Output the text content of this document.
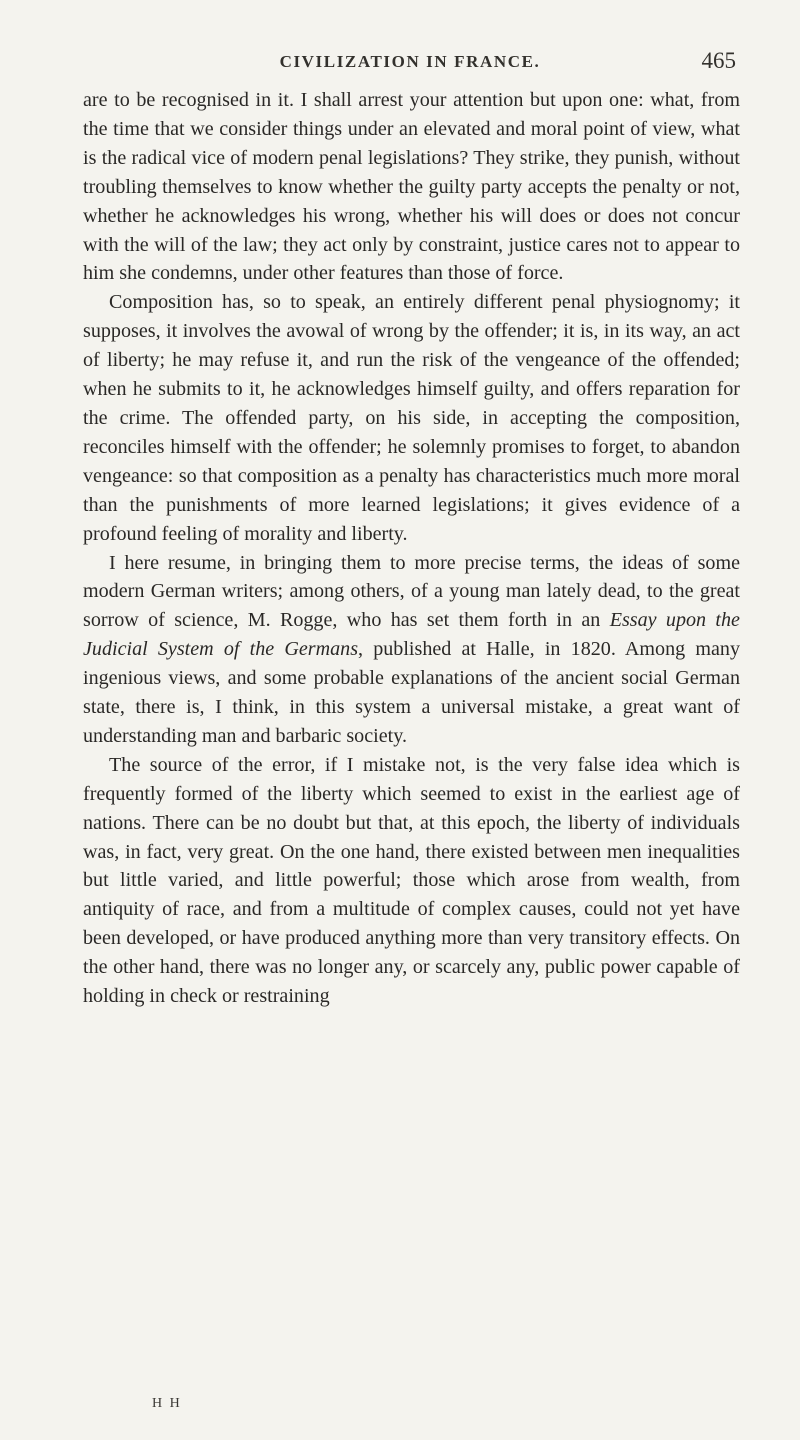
CIVILIZATION IN FRANCE.	465

are to be recognised in it. I shall arrest your attention but upon one: what, from the time that we consider things under an elevated and moral point of view, what is the radical vice of modern penal legislations? They strike, they punish, without troubling themselves to know whether the guilty party accepts the penalty or not, whether he acknowledges his wrong, whether his will does or does not concur with the will of the law; they act only by constraint, justice cares not to appear to him she condemns, under other features than those of force.

Composition has, so to speak, an entirely different penal physiognomy; it supposes, it involves the avowal of wrong by the offender; it is, in its way, an act of liberty; he may refuse it, and run the risk of the vengeance of the offended; when he submits to it, he acknowledges himself guilty, and offers reparation for the crime. The offended party, on his side, in accepting the composition, reconciles himself with the offender; he solemnly promises to forget, to abandon vengeance: so that composition as a penalty has characteristics much more moral than the punishments of more learned legislations; it gives evidence of a profound feeling of morality and liberty.

I here resume, in bringing them to more precise terms, the ideas of some modern German writers; among others, of a young man lately dead, to the great sorrow of science, M. Rogge, who has set them forth in an Essay upon the Judicial System of the Germans, published at Halle, in 1820. Among many ingenious views, and some probable explanations of the ancient social German state, there is, I think, in this system a universal mistake, a great want of understanding man and barbaric society.

The source of the error, if I mistake not, is the very false idea which is frequently formed of the liberty which seemed to exist in the earliest age of nations. There can be no doubt but that, at this epoch, the liberty of individuals was, in fact, very great. On the one hand, there existed between men inequalities but little varied, and little powerful; those which arose from wealth, from antiquity of race, and from a multitude of complex causes, could not yet have been developed, or have produced anything more than very transitory effects. On the other hand, there was no longer any, or scarcely any, public power capable of holding in check or restraining

H H
